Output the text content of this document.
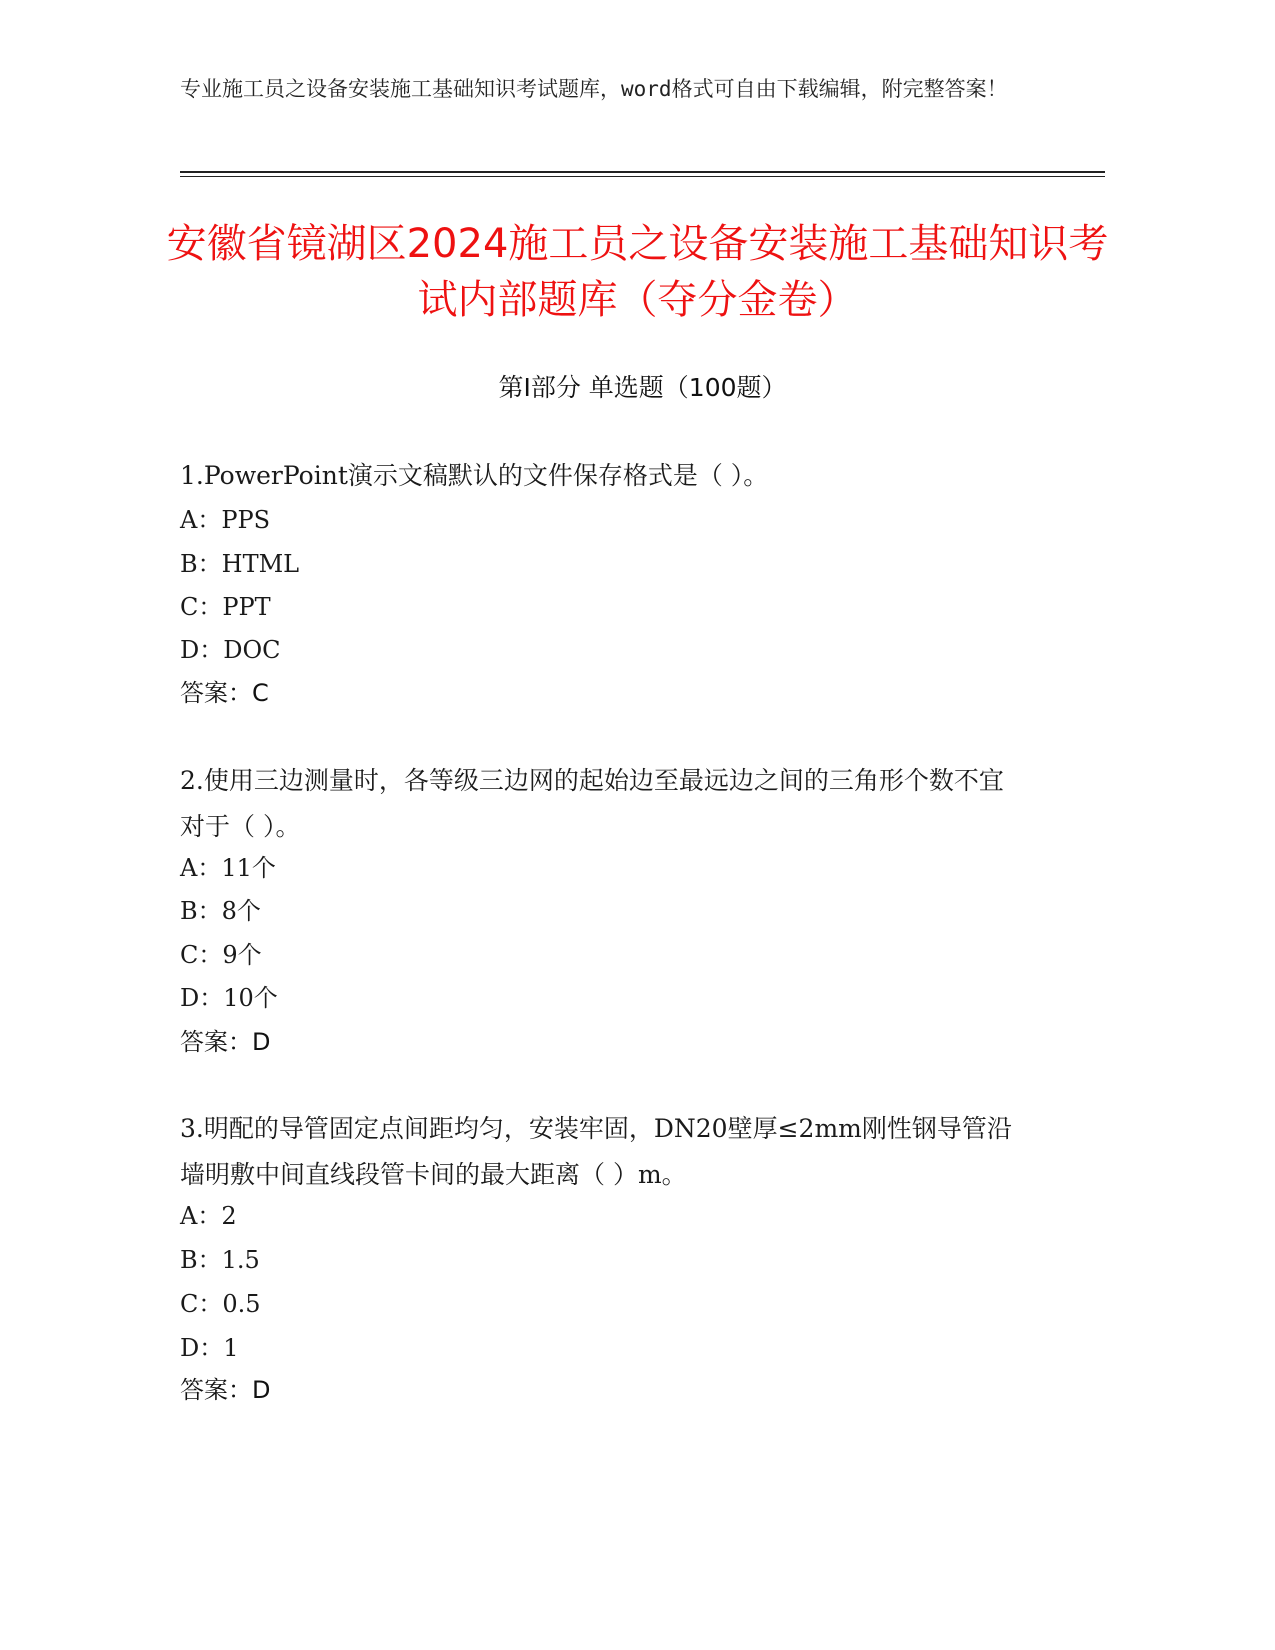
专业施工员之设备安装施工基础知识考试题库，word格式可自由下载编辑，附完整答案！
安徽省镜湖区2024施工员之设备安装施工基础知识考试内部题库（夺分金卷）
第Ⅰ部分 单选题（100题）
1.PowerPoint演示文稿默认的文件保存格式是（ ）。
A：PPS
B：HTML
C：PPT
D：DOC
答案：C
2.使用三边测量时，各等级三边网的起始边至最远边之间的三角形个数不宜对于（ ）。
A：11个
B：8个
C：9个
D：10个
答案：D
3.明配的导管固定点间距均匀，安装牢固，DN20壁厚≤2mm刚性钢导管沿墙明敷中间直线段管卡间的最大距离（ ）m。
A：2
B：1.5
C：0.5
D：1
答案：D
